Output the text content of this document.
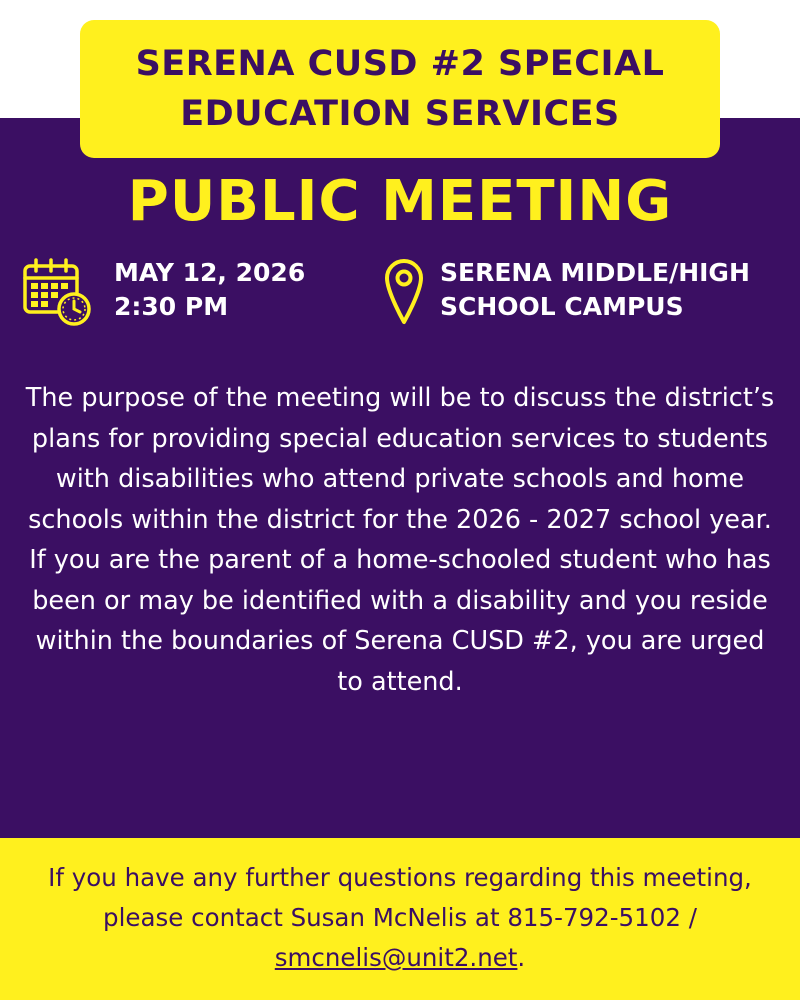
SERENA CUSD #2 SPECIAL
EDUCATION SERVICES
PUBLIC MEETING
MAY 12, 2026
2:30 PM
SERENA MIDDLE/HIGH
SCHOOL CAMPUS
The purpose of the meeting will be to discuss the district’s plans for providing special education services to students with disabilities who attend private schools and home schools within the district for the 2026 - 2027 school year. If you are the parent of a home-schooled student who has been or may be identified with a disability and you reside within the boundaries of Serena CUSD #2, you are urged to attend.
If you have any further questions regarding this meeting, please contact Susan McNelis at 815-792-5102 / smcnelis@unit2.net.
